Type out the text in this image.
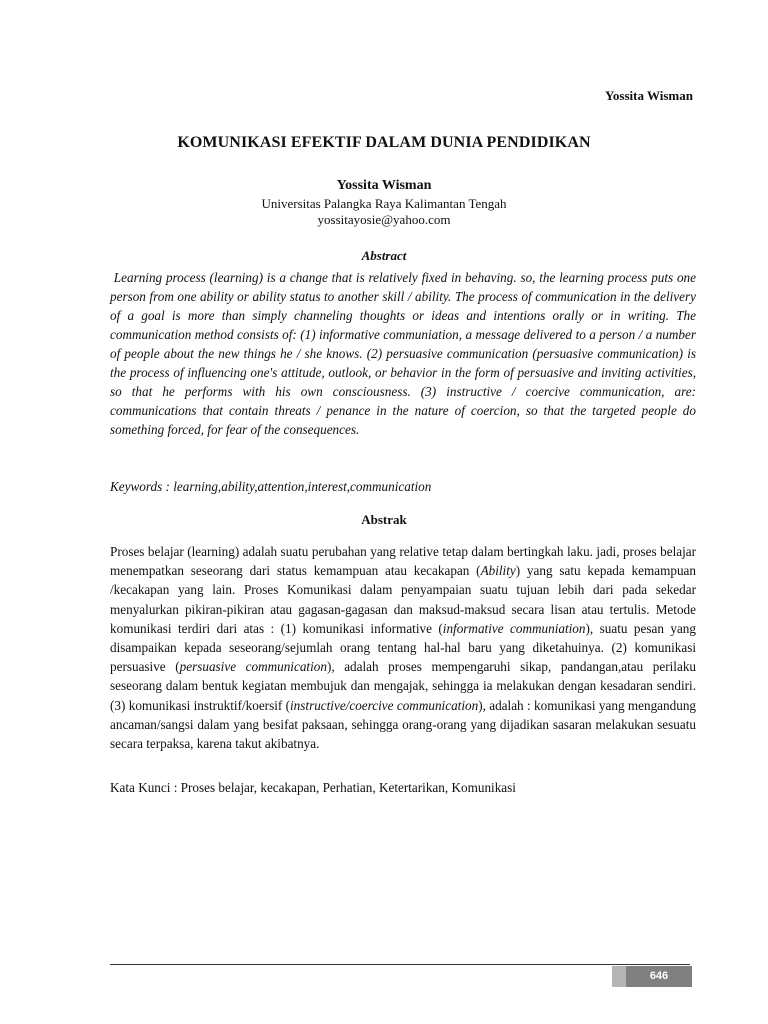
Yossita Wisman
KOMUNIKASI EFEKTIF DALAM DUNIA PENDIDIKAN
Yossita Wisman
Universitas Palangka Raya Kalimantan Tengah
yossitayosie@yahoo.com
Abstract

Learning process (learning) is a change that is relatively fixed in behaving. so, the learning process puts one person from one ability or ability status to another skill / ability. The process of communication in the delivery of a goal is more than simply channeling thoughts or ideas and intentions orally or in writing. The communication method consists of: (1) informative communiation, a message delivered to a person / a number of people about the new things he / she knows. (2) persuasive communication (persuasive communication) is the process of influencing one's attitude, outlook, or behavior in the form of persuasive and inviting activities, so that he performs with his own consciousness. (3) instructive / coercive communication, are: communications that contain threats / penance in the nature of coercion, so that the targeted people do something forced, for fear of the consequences.

Keywords : learning,ability,attention,interest,communication

Abstrak

Proses belajar (learning) adalah suatu perubahan yang relative tetap dalam bertingkah laku. jadi, proses belajar menempatkan seseorang dari status kemampuan atau kecakapan (Ability) yang satu kepada kemampuan /kecakapan yang lain. Proses Komunikasi dalam penyampaian suatu tujuan lebih dari pada sekedar menyalurkan pikiran-pikiran atau gagasan-gagasan dan maksud-maksud secara lisan atau tertulis. Metode komunikasi terdiri dari atas : (1) komunikasi informative (informative communiation), suatu pesan yang disampaikan kepada seseorang/sejumlah orang tentang hal-hal baru yang diketahuinya. (2) komunikasi persuasive (persuasive communication), adalah proses mempengaruhi sikap, pandangan,atau perilaku seseorang dalam bentuk kegiatan membujuk dan mengajak, sehingga ia melakukan dengan kesadaran sendiri. (3) komunikasi instruktif/koersif (instructive/coercive communication), adalah : komunikasi yang mengandung ancaman/sangsi dalam yang besifat paksaan, sehingga orang-orang yang dijadikan sasaran melakukan sesuatu secara terpaksa, karena takut akibatnya.

Kata Kunci : Proses belajar, kecakapan, Perhatian, Ketertarikan, Komunikasi

646
